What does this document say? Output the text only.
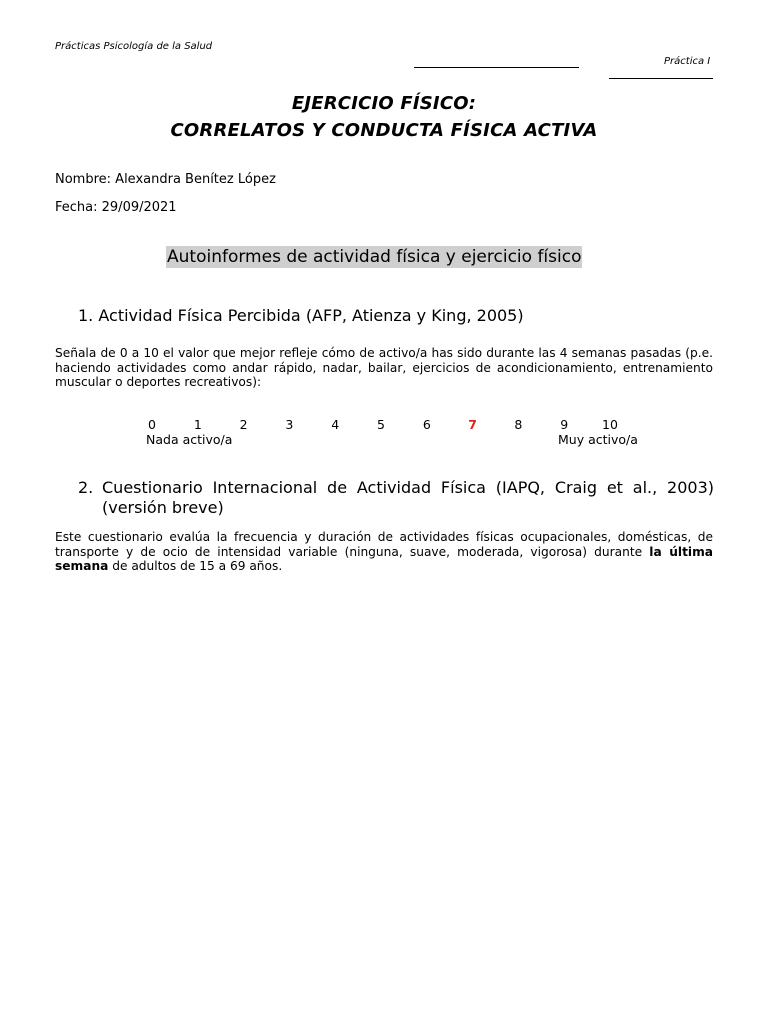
Prácticas Psicología de la Salud
Práctica I
EJERCICIO FÍSICO:
CORRELATOS Y CONDUCTA FÍSICA ACTIVA
Nombre: Alexandra Benítez López
Fecha: 29/09/2021
Autoinformes de actividad física y ejercicio físico
1. Actividad Física Percibida (AFP, Atienza y King, 2005)
Señala de 0 a 10 el valor que mejor refleje cómo de activo/a has sido durante las 4 semanas pasadas (p.e. haciendo actividades como andar rápido, nadar, bailar, ejercicios de acondicionamiento, entrenamiento muscular o deportes recreativos):
0	1	2	3	4	5	6	7	8	9	10
Nada activo/a	Muy activo/a
2. Cuestionario Internacional de Actividad Física (IAPQ, Craig et al., 2003)
(versión breve)
Este cuestionario evalúa la frecuencia y duración de actividades físicas ocupacionales, domésticas, de transporte y de ocio de intensidad variable (ninguna, suave, moderada, vigorosa) durante la última semana de adultos de 15 a 69 años.
